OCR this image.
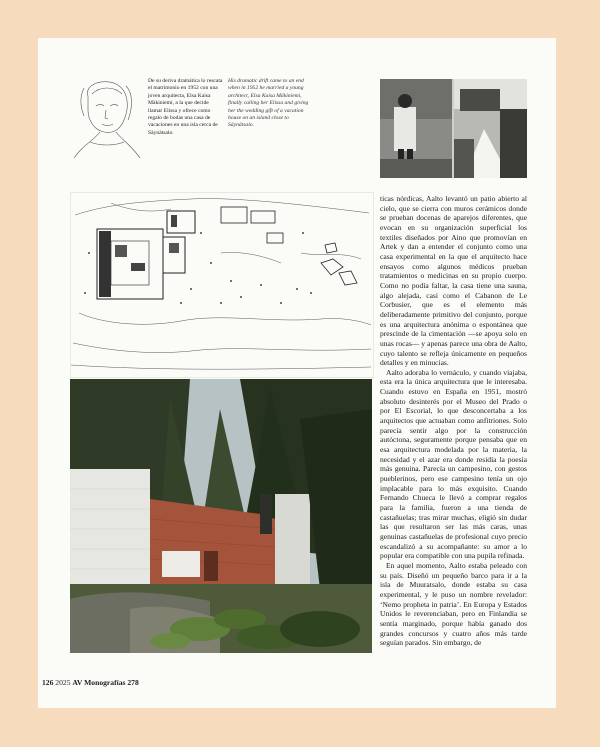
De su deriva dramática lo rescata el matrimonio en 1952 con una joven arquitecta, Elsa Kaisa Mäkiniemi, a la que decide llamar Elissa y ofrece como regalo de bodas una casa de vacaciones en una isla cerca de Säynätsalo.
His dramatic drift came to an end when in 1952 he married a young architect, Elsa Kaisa Mäkiniemi, finally calling her Elissa and giving her the wedding gift of a vacation house on an island close to Säynätsalo.

ticas nórdicas, Aalto levantó un patio abierto al cielo, que se cierra con muros cerámicos donde se prueban docenas de aparejos diferentes, que evocan en su organización superficial los textiles diseñados por Aino que promovían en Artek y dan a entender el conjunto como una casa experimental en la que el arquitecto hace ensayos como algunos médicos prueban tratamientos o medicinas en su propio cuerpo. Como no podía faltar, la casa tiene una sauna, algo alejada, casi como el Cabanon de Le Corbusier, que es el elemento más deliberadamente primitivo del conjunto, porque es una arquitectura anónima o espontánea que prescinde de la cimentación —se apoya solo en unas rocas— y apenas parece una obra de Aalto, cuyo talento se refleja únicamente en pequeños detalles y en minucias.

Aalto adoraba lo vernáculo, y cuando viajaba, esta era la única arquitectura que le interesaba. Cuando estuvo en España en 1951, mostró absoluto desinterés por el Museo del Prado o por El Escorial, lo que desconcertaba a los arquitectos que actuaban como anfitriones. Solo parecía sentir algo por la construcción autóctona, seguramente porque pensaba que en esa arquitectura modelada por la materia, la necesidad y el azar era donde residía la poesía más genuina. Parecía un campesino, con gestos pueblerinos, pero ese campesino tenía un ojo implacable para lo más exquisito. Cuando Fernando Chueca le llevó a comprar regalos para la familia, fueron a una tienda de castañuelas; tras mirar muchas, eligió sin dudar las que resultaron ser las más caras, unas genuinas castañuelas de profesional cuyo precio escandalizó a su acompañante: su amor a lo popular era compatible con una pupila refinada.

En aquel momento, Aalto estaba peleado con su país. Diseñó un pequeño barco para ir a la isla de Muuratsalo, donde estaba su casa experimental, y le puso un nombre revelador: ‘Nemo propheta in patria’. En Europa y Estados Unidos le reverenciaban, pero en Finlandia se sentía marginado, porque había ganado dos grandes concursos y cuatro años más tarde seguían parados. Sin embargo, de

126 2025 AV Monografías 278
